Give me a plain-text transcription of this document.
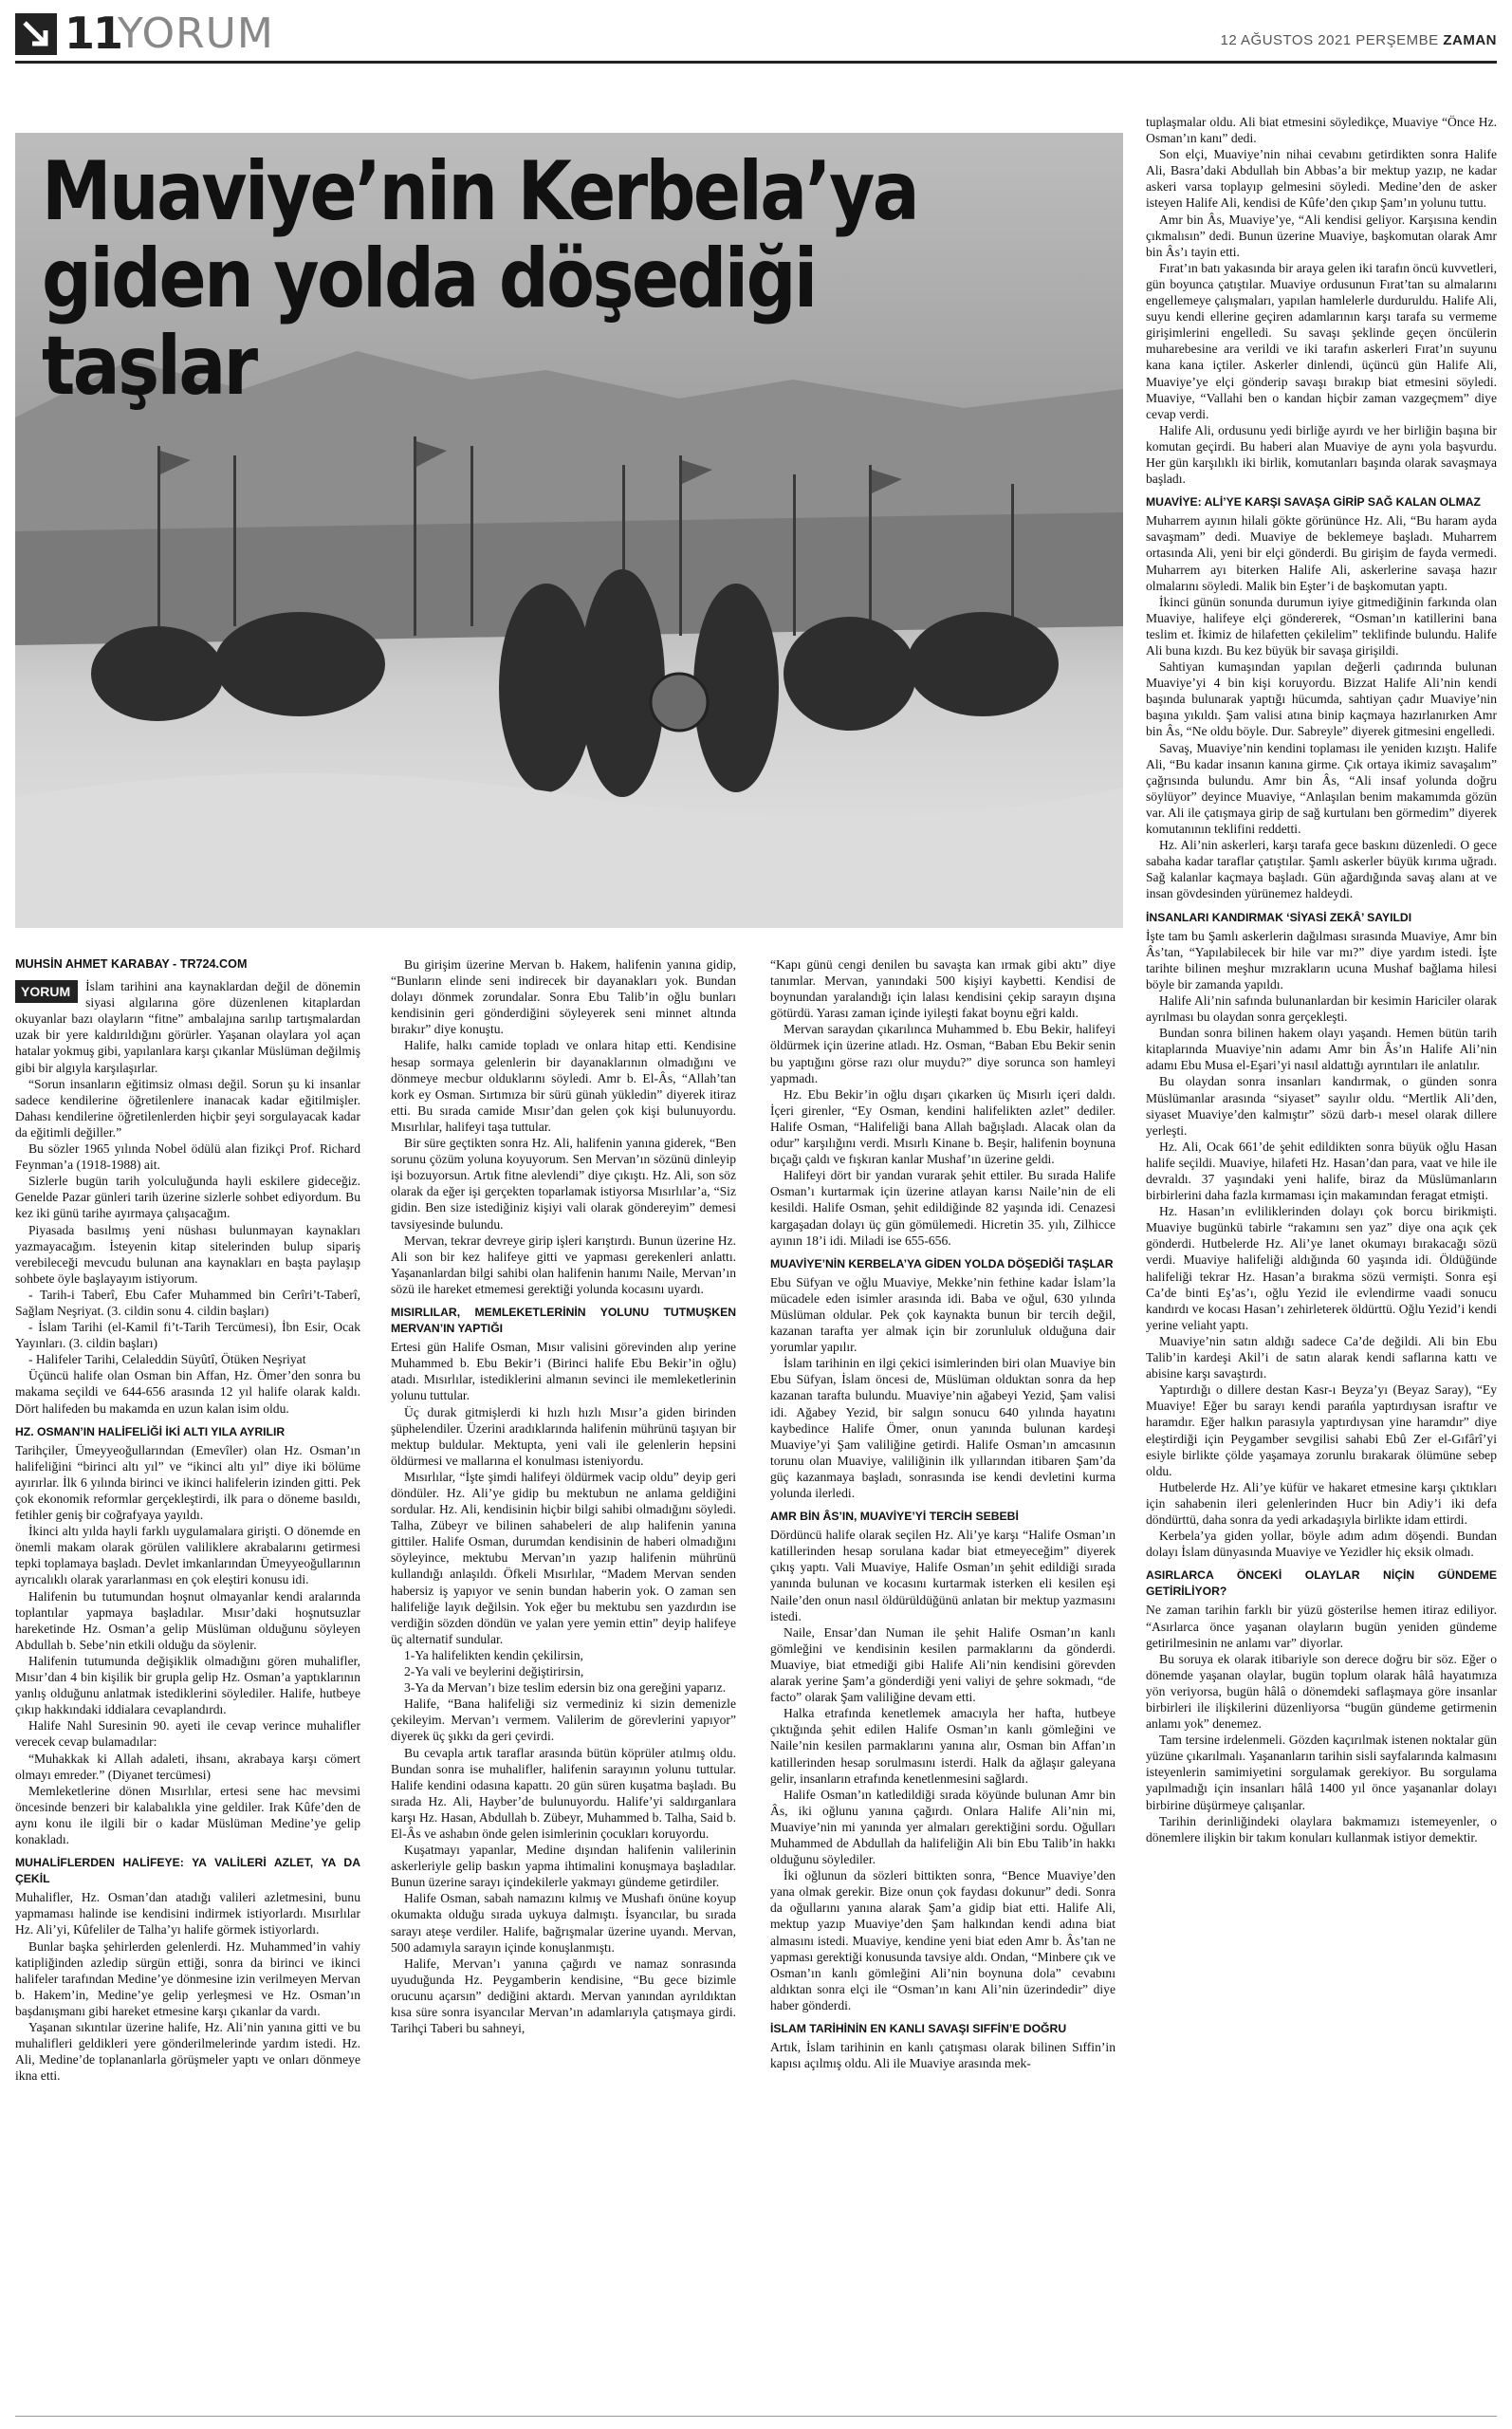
11
YORUM	12 AĞUSTOS 2021 PERŞEMBE ZAMAN
Muaviye’nin Kerbela’ya
giden yolda döşediği taşlar
MUHSİN AHMET KARABAY - TR724.COM
YORUM	İslam tarihini ana kaynaklardan değil de dönemin siyasi algılarına göre düzenlenen kitaplardan okuyanlar bazı olayların “fitne” ambalajına sarılıp tartışmalardan uzak bir yere kaldırıldığını görürler. Yaşanan olaylara yol açan hatalar yokmuş gibi, yapılanlara karşı çıkanlar Müslüman değilmiş gibi bir algıyla karşılaşırlar.

“Sorun insanların eğitimsiz olması değil. Sorun şu ki insanlar sadece kendilerine öğretilenlere inanacak kadar eğitilmişler. Dahası kendilerine öğretilenlerden hiçbir şeyi sorgulayacak kadar da eğitimli değiller.”

Bu sözler 1965 yılında Nobel ödülü alan fizikçi Prof. Richard Feynman’a (1918-1988) ait.

Sizlerle bugün tarih yolculuğunda hayli eskilere gideceğiz. Genelde Pazar günleri tarih üzerine sizlerle sohbet ediyordum. Bu kez iki günü tarihe ayırmaya çalışacağım.

Piyasada basılmış yeni nüshası bulunmayan kaynakları yazmayacağım. İsteyenin kitap sitelerinden bulup sipariş verebileceği mevcudu bulunan ana kaynakları en başta paylaşıp sohbete öyle başlayayım istiyorum.

- Tarih-i Taberî, Ebu Cafer Muhammed bin Cerîri’t-Taberî, Sağlam Neşriyat. (3. cildin sonu 4. cildin başları)

- İslam Tarihi (el-Kamil fi’t-Tarih Tercümesi), İbn Esir, Ocak Yayınları. (3. cildin başları)

- Halifeler Tarihi, Celaleddin Süyûtî, Ötüken Neşriyat

Üçüncü halife olan Osman bin Affan, Hz. Ömer’den sonra bu makama seçildi ve 644-656 arasında 12 yıl halife olarak kaldı. Dört halifeden bu makamda en uzun kalan isim oldu.

HZ. OSMAN’IN HALİFELİĞİ İKİ ALTI YILA AYRILIR

Tarihçiler, Ümeyyeoğullarından (Emevîler) olan Hz. Osman’ın halifeliğini “birinci altı yıl” ve “ikinci altı yıl” diye iki bölüme ayırırlar. İlk 6 yılında birinci ve ikinci halifelerin izinden gitti. Pek çok ekonomik reformlar gerçekleştirdi, ilk para o döneme basıldı, fetihler geniş bir coğrafyaya yayıldı.

İkinci altı yılda hayli farklı uygulamalara girişti. O dönemde en önemli makam olarak görülen valiliklere akrabalarını getirmesi tepki toplamaya başladı. Devlet imkanlarından Ümeyyeoğullarının ayrıcalıklı olarak yararlanması en çok eleştiri konusu idi.

Halifenin bu tutumundan hoşnut olmayanlar kendi aralarında toplantılar yapmaya başladılar. Mısır’daki hoşnutsuzlar hareketinde Hz. Osman’a gelip Müslüman olduğunu söyleyen Abdullah b. Sebe’nin etkili olduğu da söylenir.

Halifenin tutumunda değişiklik olmadığını gören muhalifler, Mısır’dan 4 bin kişilik bir grupla gelip Hz. Osman’a yaptıklarının yanlış olduğunu anlatmak istediklerini söylediler. Halife, hutbeye çıkıp hakkındaki iddialara cevaplandırdı.

Halife Nahl Suresinin 90. ayeti ile cevap verince muhalifler verecek cevap bulamadılar:

“Muhakkak ki Allah adaleti, ihsanı, akrabaya karşı cömert olmayı emreder.” (Diyanet tercümesi)

Memleketlerine dönen Mısırlılar, ertesi sene hac mevsimi öncesinde benzeri bir kalabalıkla yine geldiler. Irak Kûfe’den de aynı konu ile ilgili bir o kadar Müslüman Medine’ye gelip konakladı.

MUHALİFLERDEN HALİFEYE: YA VALİLERİ AZLET, YA DA ÇEKİL

Muhalifler, Hz. Osman’dan atadığı valileri azletmesini, bunu yapmaması halinde ise kendisini indirmek istiyorlardı. Mısırlılar Hz. Ali’yi, Kûfeliler de Talha’yı halife görmek istiyorlardı.

Bunlar başka şehirlerden gelenlerdi. Hz. Muhammed’in vahiy katipliğinden azledip sürgün ettiği, sonra da birinci ve ikinci halifeler tarafından Medine’ye dönmesine izin verilmeyen Mervan b. Hakem’in, Medine’ye gelip yerleşmesi ve Hz. Osman’ın başdanışmanı gibi hareket etmesine karşı çıkanlar da vardı.

Yaşanan sıkıntılar üzerine halife, Hz. Ali’nin yanına gitti ve bu muhalifleri geldikleri yere gönderilmelerinde yardım istedi. Hz. Ali, Medine’de toplananlarla görüşmeler yaptı ve onları dönmeye ikna etti.

Bu girişim üzerine Mervan b. Hakem, halifenin yanına gidip, “Bunların elinde seni indirecek bir dayanakları yok. Bundan dolayı dönmek zorundalar. Sonra Ebu Talib’in oğlu bunları kendisinin geri gönderdiğini söyleyerek seni minnet altında bırakır” diye konuştu.

Halife, halkı camide topladı ve onlara hitap etti. Kendisine hesap sormaya gelenlerin bir dayanaklarının olmadığını ve dönmeye mecbur olduklarını söyledi. Amr b. El-Âs, “Allah’tan kork ey Osman. Sırtımıza bir sürü günah yükledin” diyerek itiraz etti. Bu sırada camide Mısır’dan gelen çok kişi bulunuyordu. Mısırlılar, halifeyi taşa tuttular.

Bir süre geçtikten sonra Hz. Ali, halifenin yanına giderek, “Ben sorunu çözüm yoluna koyuyorum. Sen Mervan’ın sözünü dinleyip işi bozuyorsun. Artık fitne alevlendi” diye çıkıştı. Hz. Ali, son söz olarak da eğer işi gerçekten toparlamak istiyorsa Mısırlılar’a, “Siz gidin. Ben size istediğiniz kişiyi vali olarak göndereyim” demesi tavsiyesinde bulundu.

Mervan, tekrar devreye girip işleri karıştırdı. Bunun üzerine Hz. Ali son bir kez halifeye gitti ve yapması gerekenleri anlattı. Yaşananlardan bilgi sahibi olan halifenin hanımı Naile, Mervan’ın sözü ile hareket etmemesi gerektiği yolunda kocasını uyardı.

MISIRLILAR, MEMLEKETLERİNİN YOLUNU TUTMUŞKEN MERVAN’IN YAPTIĞI

Ertesi gün Halife Osman, Mısır valisini görevinden alıp yerine Muhammed b. Ebu Bekir’i (Birinci halife Ebu Bekir’in oğlu) atadı. Mısırlılar, istediklerini almanın sevinci ile memleketlerinin yolunu tuttular.

Üç durak gitmişlerdi ki hızlı hızlı Mısır’a giden birinden şüphelendiler. Üzerini aradıklarında halifenin mührünü taşıyan bir mektup buldular. Mektupta, yeni vali ile gelenlerin hepsini öldürmesi ve mallarına el konulması isteniyordu.

Mısırlılar, “İşte şimdi halifeyi öldürmek vacip oldu” deyip geri döndüler. Hz. Ali’ye gidip bu mektubun ne anlama geldiğini sordular. Hz. Ali, kendisinin hiçbir bilgi sahibi olmadığını söyledi. Talha, Zübeyr ve bilinen sahabeleri de alıp halifenin yanına gittiler. Halife Osman, durumdan kendisinin de haberi olmadığını söyleyince, mektubu Mervan’ın yazıp halifenin mührünü kullandığı anlaşıldı. Öfkeli Mısırlılar, “Madem Mervan senden habersiz iş yapıyor ve senin bundan haberin yok. O zaman sen halifeliğe layık değilsin. Yok eğer bu mektubu sen yazdırdın ise verdiğin sözden döndün ve yalan yere yemin ettin” deyip halifeye üç alternatif sundular.

1-Ya halifelikten kendin çekilirsin,

2-Ya vali ve beylerini değiştirirsin,

3-Ya da Mervan’ı bize teslim edersin biz ona gereğini yaparız.

Halife, “Bana halifeliği siz vermediniz ki sizin demenizle çekileyim. Mervan’ı vermem. Valilerim de görevlerini yapıyor” diyerek üç şıkkı da geri çevirdi.

Bu cevapla artık taraflar arasında bütün köprüler atılmış oldu. Bundan sonra ise muhalifler, halifenin sarayının yolunu tuttular. Halife kendini odasına kapattı. 20 gün süren kuşatma başladı. Bu sırada Hz. Ali, Hayber’de bulunuyordu. Halife’yi saldırganlara karşı Hz. Hasan, Abdullah b. Zübeyr, Muhammed b. Talha, Said b. El-Âs ve ashabın önde gelen isimlerinin çocukları koruyordu.

Kuşatmayı yapanlar, Medine dışından halifenin valilerinin askerleriyle gelip baskın yapma ihtimalini konuşmaya başladılar. Bunun üzerine sarayı içindekilerle yakmayı gündeme getirdiler.

Halife Osman, sabah namazını kılmış ve Mushafı önüne koyup okumakta olduğu sırada uykuya dalmıştı. İsyancılar, bu sırada sarayı ateşe verdiler. Halife, bağrışmalar üzerine uyandı. Mervan, 500 adamıyla sarayın içinde konuşlanmıştı.

Halife, Mervan’ı yanına çağırdı ve namaz sonrasında uyuduğunda Hz. Peygamberin kendisine, “Bu gece bizimle orucunu açarsın” dediğini aktardı. Mervan yanından ayrıldıktan kısa süre sonra isyancılar Mervan’ın adamlarıyla çatışmaya girdi. Tarihçi Taberi bu sahneyi,

“Kapı günü cengi denilen bu savaşta kan ırmak gibi aktı” diye tanımlar. Mervan, yanındaki 500 kişiyi kaybetti. Kendisi de boynundan yaralandığı için lalası kendisini çekip sarayın dışına götürdü. Yarası zaman içinde iyileşti fakat boynu eğri kaldı.

Mervan saraydan çıkarılınca Muhammed b. Ebu Bekir, halifeyi öldürmek için üzerine atladı. Hz. Osman, “Baban Ebu Bekir senin bu yaptığını görse razı olur muydu?” diye sorunca son hamleyi yapmadı.

Hz. Ebu Bekir’in oğlu dışarı çıkarken üç Mısırlı içeri daldı. İçeri girenler, “Ey Osman, kendini halifelikten azlet” dediler. Halife Osman, “Halifeliği bana Allah bağışladı. Alacak olan da odur” karşılığını verdi. Mısırlı Kinane b. Beşir, halifenin boynuna bıçağı çaldı ve fışkıran kanlar Mushaf’ın üzerine geldi.

Halifeyi dört bir yandan vurarak şehit ettiler. Bu sırada Halife Osman’ı kurtarmak için üzerine atlayan karısı Naile’nin de eli kesildi. Halife Osman, şehit edildiğinde 82 yaşında idi. Cenazesi kargaşadan dolayı üç gün gömülemedi. Hicretin 35. yılı, Zilhicce ayının 18’i idi. Miladi ise 655-656.

MUAVİYE’NİN KERBELA’YA GİDEN YOLDA DÖŞEDİĞİ TAŞLAR

Ebu Süfyan ve oğlu Muaviye, Mekke’nin fethine kadar İslam’la mücadele eden isimler arasında idi. Baba ve oğul, 630 yılında Müslüman oldular. Pek çok kaynakta bunun bir tercih değil, kazanan tarafta yer almak için bir zorunluluk olduğuna dair yorumlar yapılır.

İslam tarihinin en ilgi çekici isimlerinden biri olan Muaviye bin Ebu Süfyan, İslam öncesi de, Müslüman olduktan sonra da hep kazanan tarafta bulundu. Muaviye’nin ağabeyi Yezid, Şam valisi idi. Ağabey Yezid, bir salgın sonucu 640 yılında hayatını kaybedince Halife Ömer, onun yanında bulunan kardeşi Muaviye’yi Şam valiliğine getirdi. Halife Osman’ın amcasının torunu olan Muaviye, valiliğinin ilk yıllarından itibaren Şam’da güç kazanmaya başladı, sonrasında ise kendi devletini kurma yolunda ilerledi.

AMR BİN ÂS’IN, MUAVİYE’Yİ TERCİH SEBEBİ

Dördüncü halife olarak seçilen Hz. Ali’ye karşı “Halife Osman’ın katillerinden hesap sorulana kadar biat etmeyeceğim” diyerek çıkış yaptı. Vali Muaviye, Halife Osman’ın şehit edildiği sırada yanında bulunan ve kocasını kurtarmak isterken eli kesilen eşi Naile’den onun nasıl öldürüldüğünü anlatan bir mektup yazmasını istedi.

Naile, Ensar’dan Numan ile şehit Halife Osman’ın kanlı gömleğini ve kendisinin kesilen parmaklarını da gönderdi. Muaviye, biat etmediği gibi Halife Ali’nin kendisini görevden alarak yerine Şam’a gönderdiği yeni valiyi de şehre sokmadı, “de facto” olarak Şam valiliğine devam etti.

Halka etrafında kenetlemek amacıyla her hafta, hutbeye çıktığında şehit edilen Halife Osman’ın kanlı gömleğini ve Naile’nin kesilen parmaklarını yanına alır, Osman bin Affan’ın katillerinden hesap sorulmasını isterdi. Halk da ağlaşır galeyana gelir, insanların etrafında kenetlenmesini sağlardı.

Halife Osman’ın katledildiği sırada köyünde bulunan Amr bin Âs, iki oğlunu yanına çağırdı. Onlara Halife Ali’nin mi, Muaviye’nin mi yanında yer almaları gerektiğini sordu. Oğulları Muhammed de Abdullah da halifeliğin Ali bin Ebu Talib’in hakkı olduğunu söylediler.

İki oğlunun da sözleri bittikten sonra, “Bence Muaviye’den yana olmak gerekir. Bize onun çok faydası dokunur” dedi. Sonra da oğullarını yanına alarak Şam’a gidip biat etti. Halife Ali, mektup yazıp Muaviye’den Şam halkından kendi adına biat almasını istedi. Muaviye, kendine yeni biat eden Amr b. Âs’tan ne yapması gerektiği konusunda tavsiye aldı. Ondan, “Minbere çık ve Osman’ın kanlı gömleğini Ali’nin boynuna dola” cevabını aldıktan sonra elçi ile “Osman’ın kanı Ali’nin üzerindedir” diye haber gönderdi.

İSLAM TARİHİNİN EN KANLI SAVAŞI SIFFİN’E DOĞRU

Artık, İslam tarihinin en kanlı çatışması olarak bilinen Sıffin’in kapısı açılmış oldu. Ali ile Muaviye arasında mek-

tuplaşmalar oldu. Ali biat etmesini söyledikçe, Muaviye “Önce Hz. Osman’ın kanı” dedi.

Son elçi, Muaviye’nin nihai cevabını getirdikten sonra Halife Ali, Basra’daki Abdullah bin Abbas’a bir mektup yazıp, ne kadar askeri varsa toplayıp gelmesini söyledi. Medine’den de asker isteyen Halife Ali, kendisi de Kûfe’den çıkıp Şam’ın yolunu tuttu.

Amr bin Âs, Muaviye’ye, “Ali kendisi geliyor. Karşısına kendin çıkmalısın” dedi. Bunun üzerine Muaviye, başkomutan olarak Amr bin Âs’ı tayin etti.

Fırat’ın batı yakasında bir araya gelen iki tarafın öncü kuvvetleri, gün boyunca çatıştılar. Muaviye ordusunun Fırat’tan su almalarını engellemeye çalışmaları, yapılan hamlelerle durduruldu. Halife Ali, suyu kendi ellerine geçiren adamlarının karşı tarafa su vermeme girişimlerini engelledi. Su savaşı şeklinde geçen öncülerin muharebesine ara verildi ve iki tarafın askerleri Fırat’ın suyunu kana kana içtiler. Askerler dinlendi, üçüncü gün Halife Ali, Muaviye’ye elçi gönderip savaşı bırakıp biat etmesini söyledi. Muaviye, “Vallahi ben o kandan hiçbir zaman vazgeçmem” diye cevap verdi.

Halife Ali, ordusunu yedi birliğe ayırdı ve her birliğin başına bir komutan geçirdi. Bu haberi alan Muaviye de aynı yola başvurdu. Her gün karşılıklı iki birlik, komutanları başında olarak savaşmaya başladı.

MUAVİYE: ALİ’YE KARŞI SAVAŞA GİRİP SAĞ KALAN OLMAZ

Muharrem ayının hilali gökte görününce Hz. Ali, “Bu haram ayda savaşmam” dedi. Muaviye de beklemeye başladı. Muharrem ortasında Ali, yeni bir elçi gönderdi. Bu girişim de fayda vermedi. Muharrem ayı biterken Halife Ali, askerlerine savaşa hazır olmalarını söyledi. Malik bin Eşter’i de başkomutan yaptı.

İkinci günün sonunda durumun iyiye gitmediğinin farkında olan Muaviye, halifeye elçi göndererek, “Osman’ın katillerini bana teslim et. İkimiz de hilafetten çekilelim” teklifinde bulundu. Halife Ali buna kızdı. Bu kez büyük bir savaşa girişildi.

Sahtiyan kumaşından yapılan değerli çadırında bulunan Muaviye’yi 4 bin kişi koruyordu. Bizzat Halife Ali’nin kendi başında bulunarak yaptığı hücumda, sahtiyan çadır Muaviye’nin başına yıkıldı. Şam valisi atına binip kaçmaya hazırlanırken Amr bin Âs, “Ne oldu böyle. Dur. Sabreyle” diyerek gitmesini engelledi.

Savaş, Muaviye’nin kendini toplaması ile yeniden kızıştı. Halife Ali, “Bu kadar insanın kanına girme. Çık ortaya ikimiz savaşalım” çağrısında bulundu. Amr bin Âs, “Ali insaf yolunda doğru söylüyor” deyince Muaviye, “Anlaşılan benim makamımda gözün var. Ali ile çatışmaya girip de sağ kurtulanı ben görmedim” diyerek komutanının teklifini reddetti.

Hz. Ali’nin askerleri, karşı tarafa gece baskını düzenledi. O gece sabaha kadar taraflar çatıştılar. Şamlı askerler büyük kırıma uğradı. Sağ kalanlar kaçmaya başladı. Gün ağardığında savaş alanı at ve insan gövdesinden yürünemez haldeydi.

İNSANLARI KANDIRMAK ‘SİYASİ ZEKÂ’ SAYILDI

İşte tam bu Şamlı askerlerin dağılması sırasında Muaviye, Amr bin Âs’tan, “Yapılabilecek bir hile var mı?” diye yardım istedi. İşte tarihte bilinen meşhur mızrakların ucuna Mushaf bağlama hilesi böyle bir zamanda yapıldı.

Halife Ali’nin safında bulunanlardan bir kesimin Hariciler olarak ayrılması bu olaydan sonra gerçekleşti.

Bundan sonra bilinen hakem olayı yaşandı. Hemen bütün tarih kitaplarında Muaviye’nin adamı Amr bin Âs’ın Halife Ali’nin adamı Ebu Musa el-Eşari’yi nasıl aldattığı ayrıntıları ile anlatılır.

Bu olaydan sonra insanları kandırmak, o günden sonra Müslümanlar arasında “siyaset” sayılır oldu. “Mertlik Ali’den, siyaset Muaviye’den kalmıştır” sözü darb-ı mesel olarak dillere yerleşti.

Hz. Ali, Ocak 661’de şehit edildikten sonra büyük oğlu Hasan halife seçildi. Muaviye, hilafeti Hz. Hasan’dan para, vaat ve hile ile devraldı. 37 yaşındaki yeni halife, biraz da Müslümanların birbirlerini daha fazla kırmaması için makamından feragat etmişti.

Hz. Hasan’ın evliliklerinden dolayı çok borcu birikmişti. Muaviye bugünkü tabirle “rakamını sen yaz” diye ona açık çek gönderdi. Hutbelerde Hz. Ali’ye lanet okumayı bırakacağı sözü verdi. Muaviye halifeliği aldığında 60 yaşında idi. Öldüğünde halifeliği tekrar Hz. Hasan’a bırakma sözü vermişti. Sonra eşi Ca’de binti Eş’as’ı, oğlu Yezid ile evlendirme vaadi sonucu kandırdı ve kocası Hasan’ı zehirleterek öldürttü. Oğlu Yezid’i kendi yerine veliaht yaptı.

Muaviye’nin satın aldığı sadece Ca’de değildi. Ali bin Ebu Talib’in kardeşi Akil’i de satın alarak kendi saflarına kattı ve abisine karşı savaştırdı.

Yaptırdığı o dillere destan Kasr-ı Beyza’yı (Beyaz Saray), “Ey Muaviye! Eğer bu sarayı kendi parańla yaptırdıysan israftır ve haramdır. Eğer halkın parasıyla yaptırdıysan yine haramdır” diye eleştirdiği için Peygamber sevgilisi sahabi Ebû Zer el-Gıfârî’yi esiyle birlikte çölde yaşamaya zorunlu bırakarak ölümüne sebep oldu.

Hutbelerde Hz. Ali’ye küfür ve hakaret etmesine karşı çıktıkları için sahabenin ileri gelenlerinden Hucr bin Adiy’i iki defa döndürttü, daha sonra da yedi arkadaşıyla birlikte idam ettirdi.

Kerbela’ya giden yollar, böyle adım adım döşendi. Bundan dolayı İslam dünyasında Muaviye ve Yezidler hiç eksik olmadı.

ASIRLARCA ÖNCEKİ OLAYLAR NİÇİN GÜNDEME GETİRİLİYOR?

Ne zaman tarihin farklı bir yüzü gösterilse hemen itiraz ediliyor. “Asırlarca önce yaşanan olayların bugün yeniden gündeme getirilmesinin ne anlamı var” diyorlar.

Bu soruya ek olarak itibariyle son derece doğru bir söz. Eğer o dönemde yaşanan olaylar, bugün toplum olarak hâlâ hayatımıza yön veriyorsa, bugün hâlâ o dönemdeki saflaşmaya göre insanlar birbirleri ile ilişkilerini düzenliyorsa “bugün gündeme getirmenin anlamı yok” denemez.

Tam tersine irdelenmeli. Gözden kaçırılmak istenen noktalar gün yüzüne çıkarılmalı. Yaşananların tarihin sisli sayfalarında kalmasını isteyenlerin samimiyetini sorgulamak gerekiyor. Bu sorgulama yapılmadığı için insanları hâlâ 1400 yıl önce yaşananlar dolayı birbirine düşürmeye çalışanlar.

Tarihin derinliğindeki olaylara bakmamızı istemeyenler, o dönemlere ilişkin bir takım konuları kullanmak istiyor demektir.
